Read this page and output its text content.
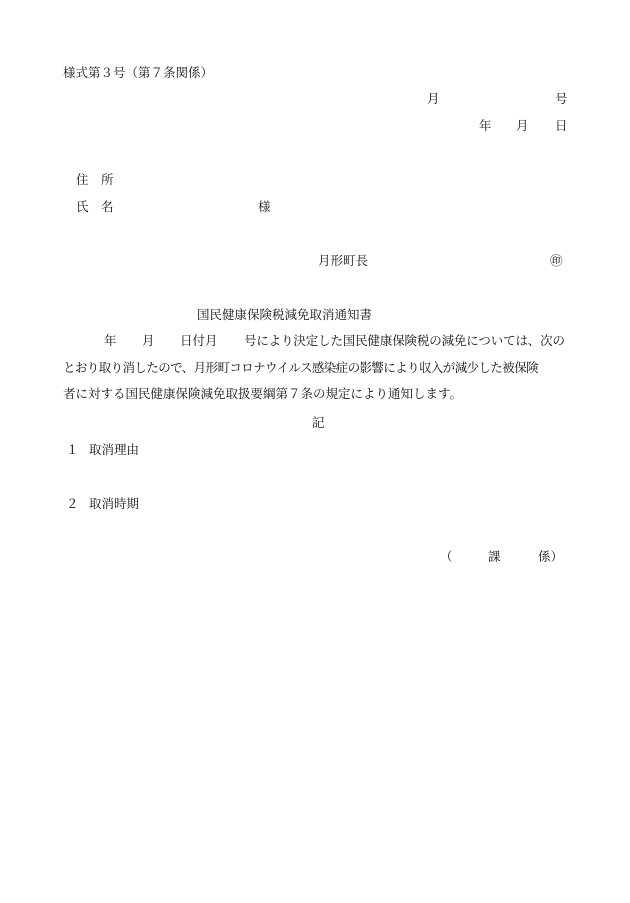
様式第３号（第７条関係）
月	号
年 月 日
住　所
氏　名	様
月形町長	㊞
国民健康保険税減免取消通知書
年 月 日付月 号により決定した国民健康保険税の減免については、次の
とおり取り消したので、月形町コロナウイルス感染症の影響により収入が減少した被保険
者に対する国民健康保険減免取扱要綱第７条の規定により通知します。
記
１ 取消理由
２ 取消時期
（	課	係）
